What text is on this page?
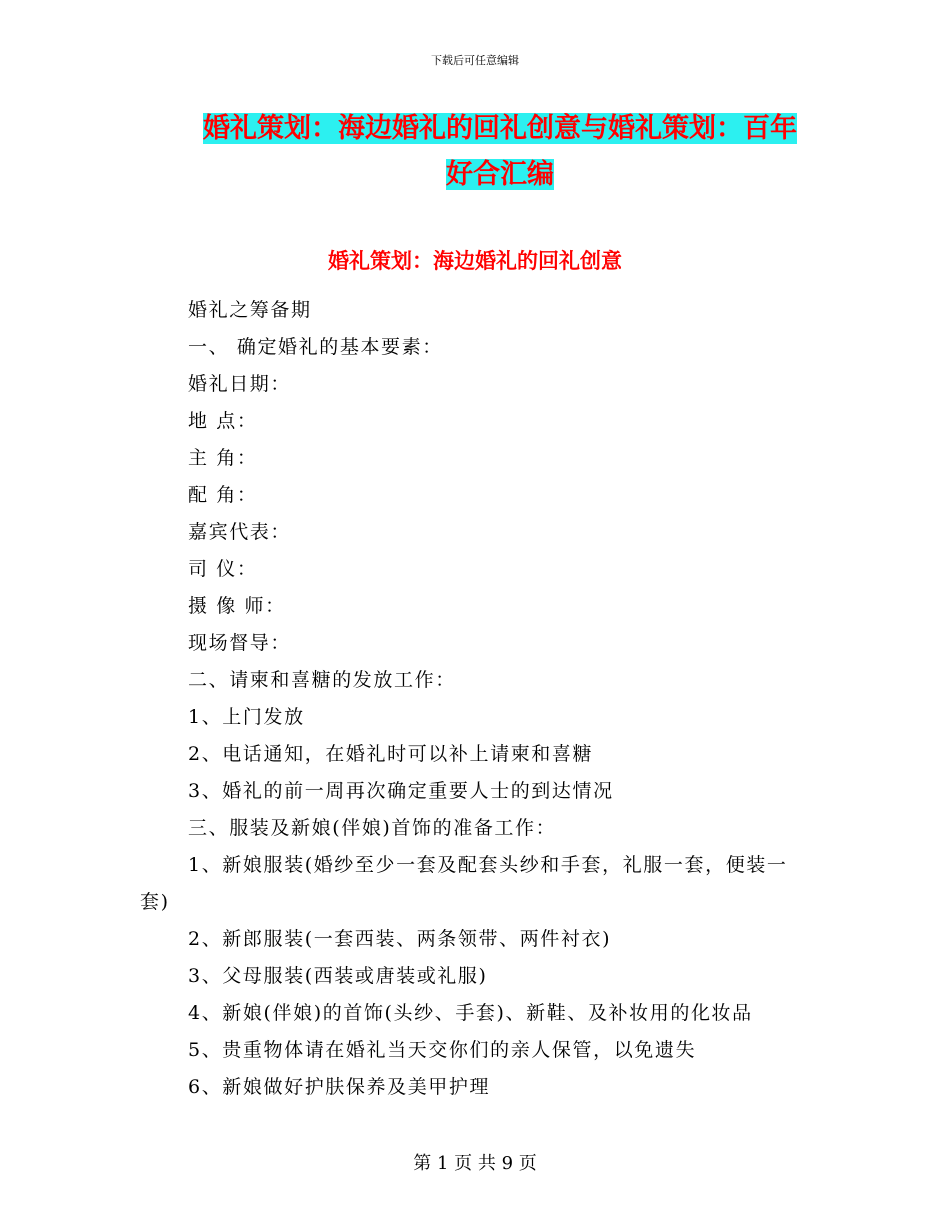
下载后可任意编辑
婚礼策划：海边婚礼的回礼创意与婚礼策划：百年好合汇编
婚礼策划：海边婚礼的回礼创意

婚礼之筹备期

一、 确定婚礼的基本要素：

婚礼日期：

地 点：

主 角：

配 角：

嘉宾代表：

司 仪：

摄 像 师：

现场督导：

二、请柬和喜糖的发放工作：

1、上门发放

2、电话通知，在婚礼时可以补上请柬和喜糖

3、婚礼的前一周再次确定重要人士的到达情况

三、服装及新娘(伴娘)首饰的准备工作：

1、新娘服装(婚纱至少一套及配套头纱和手套，礼服一套，便装一套)

2、新郎服装(一套西装、两条领带、两件衬衣)

3、父母服装(西装或唐装或礼服)

4、新娘(伴娘)的首饰(头纱、手套)、新鞋、及补妆用的化妆品

5、贵重物体请在婚礼当天交你们的亲人保管，以免遗失

6、新娘做好护肤保养及美甲护理

第 1 页 共 9 页
